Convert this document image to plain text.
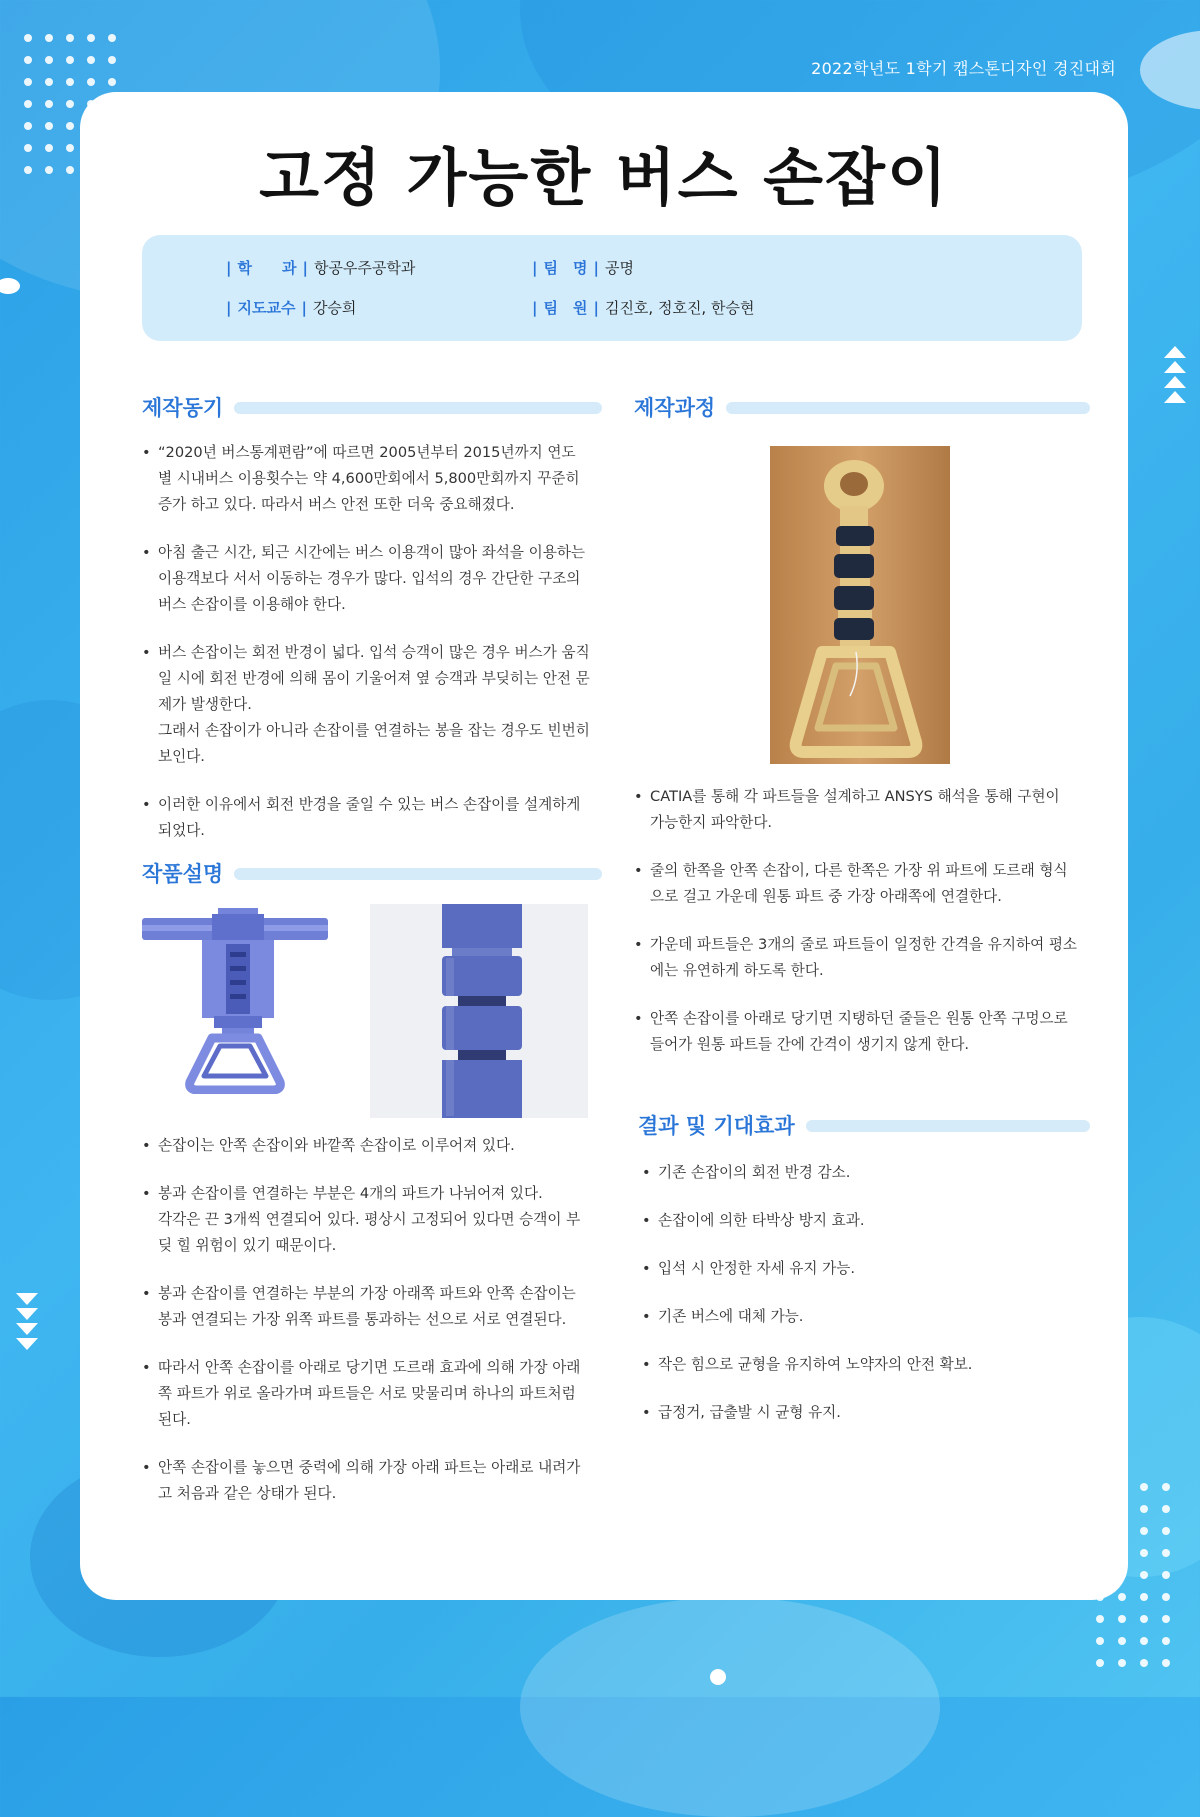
2022학년도 1학기 캡스톤디자인 경진대회
고정 가능한 버스 손잡이
| 학　　과 | 항공우주공학과	| 팀　명 | 공명
| 지도교수 | 강승희	| 팀　원 | 김진호, 정호진, 한승현
제작동기
• “2020년 버스통계편람”에 따르면 2005년부터 2015년까지 연도
별 시내버스 이용횟수는 약 4,600만회에서 5,800만회까지 꾸준히
증가 하고 있다. 따라서 버스 안전 또한 더욱 중요해졌다.
• 아침 출근 시간, 퇴근 시간에는 버스 이용객이 많아 좌석을 이용하는
이용객보다 서서 이동하는 경우가 많다. 입석의 경우 간단한 구조의
버스 손잡이를 이용해야 한다.
• 버스 손잡이는 회전 반경이 넓다. 입석 승객이 많은 경우 버스가 움직
일 시에 회전 반경에 의해 몸이 기울어져 옆 승객과 부딪히는 안전 문
제가 발생한다.
그래서 손잡이가 아니라 손잡이를 연결하는 봉을 잡는 경우도 빈번히
보인다.
• 이러한 이유에서 회전 반경을 줄일 수 있는 버스 손잡이를 설계하게
되었다.
작품설명
• 손잡이는 안쪽 손잡이와 바깥쪽 손잡이로 이루어져 있다.
• 봉과 손잡이를 연결하는 부분은 4개의 파트가 나뉘어져 있다.
각각은 끈 3개씩 연결되어 있다. 평상시 고정되어 있다면 승객이 부
딪 힐 위험이 있기 때문이다.
• 봉과 손잡이를 연결하는 부분의 가장 아래쪽 파트와 안쪽 손잡이는
봉과 연결되는 가장 위쪽 파트를 통과하는 선으로 서로 연결된다.
• 따라서 안쪽 손잡이를 아래로 당기면 도르래 효과에 의해 가장 아래
쪽 파트가 위로 올라가며 파트들은 서로 맞물리며 하나의 파트처럼
된다.
• 안쪽 손잡이를 놓으면 중력에 의해 가장 아래 파트는 아래로 내려가
고 처음과 같은 상태가 된다.
제작과정
• CATIA를 통해 각 파트들을 설계하고 ANSYS 해석을 통해 구현이
가능한지 파악한다.
• 줄의 한쪽을 안쪽 손잡이, 다른 한쪽은 가장 위 파트에 도르래 형식
으로 걸고 가운데 원통 파트 중 가장 아래쪽에 연결한다.
• 가운데 파트들은 3개의 줄로 파트들이 일정한 간격을 유지하여 평소
에는 유연하게 하도록 한다.
• 안쪽 손잡이를 아래로 당기면 지탱하던 줄들은 원통 안쪽 구멍으로
들어가 원통 파트들 간에 간격이 생기지 않게 한다.
결과 및 기대효과
• 기존 손잡이의 회전 반경 감소.
• 손잡이에 의한 타박상 방지 효과.
• 입석 시 안정한 자세 유지 가능.
• 기존 버스에 대체 가능.
• 작은 힘으로 균형을 유지하여 노약자의 안전 확보.
• 급정거, 급출발 시 균형 유지.
